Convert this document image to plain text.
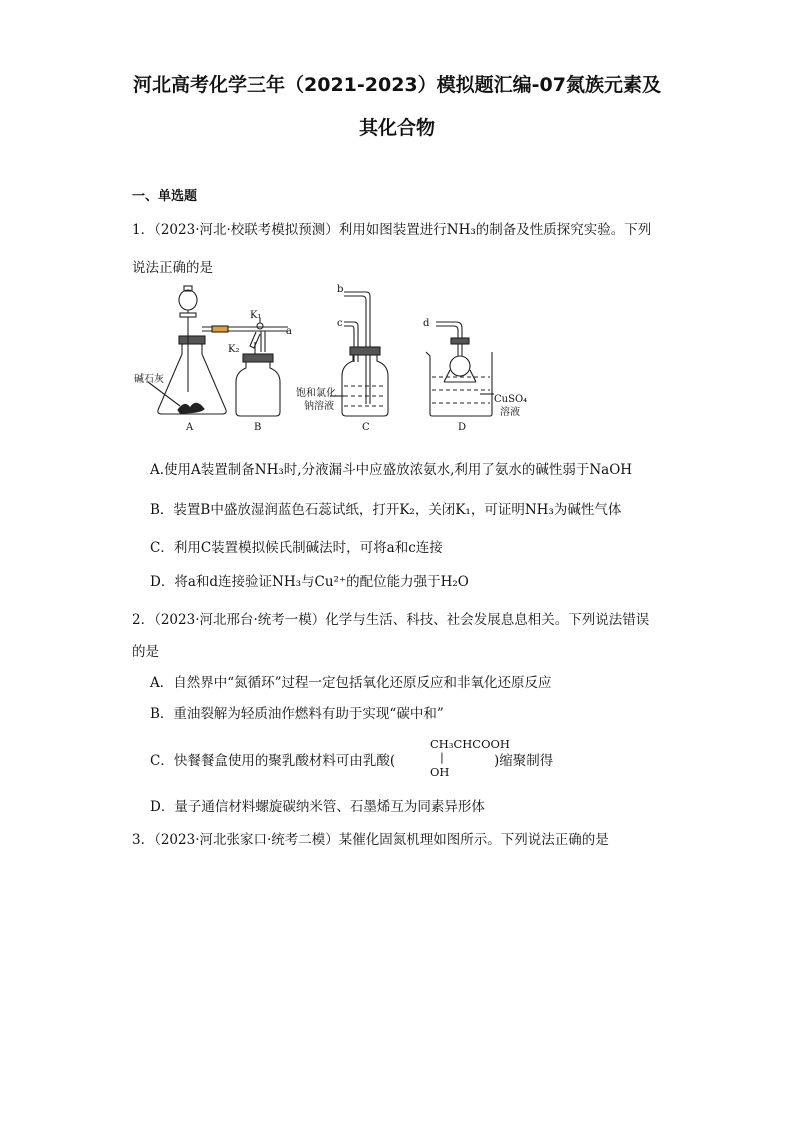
河北高考化学三年（2021-2023）模拟题汇编-07氮族元素及
其化合物
一、单选题
1．（2023·河北·校联考模拟预测）利用如图装置进行NH₃的制备及性质探究实验。下列
说法正确的是
a
b
c	d
K₁
K₂
碱石灰
饱和氯化
钠溶液
CuSO₄
溶液
A	B	C	D
A.使用A装置制备NH₃时,分液漏斗中应盛放浓氨水,利用了氨水的碱性弱于NaOH
B．装置B中盛放湿润蓝色石蕊试纸，打开K₂，关闭K₁，可证明NH₃为碱性气体
C．利用C装置模拟候氏制碱法时，可将a和c连接
D．将a和d连接验证NH₃与Cu²⁺的配位能力强于H₂O
2．（2023·河北邢台·统考一模）化学与生活、科技、社会发展息息相关。下列说法错误
的是
A．自然界中“氮循环”过程一定包括氧化还原反应和非氧化还原反应
B．重油裂解为轻质油作燃料有助于实现“碳中和”
C．快餐餐盒使用的聚乳酸材料可由乳酸(
CH₃CHCOOH
|
OH
)缩聚制得
D．量子通信材料螺旋碳纳米管、石墨烯互为同素异形体
3．（2023·河北张家口·统考二模）某催化固氮机理如图所示。下列说法正确的是
